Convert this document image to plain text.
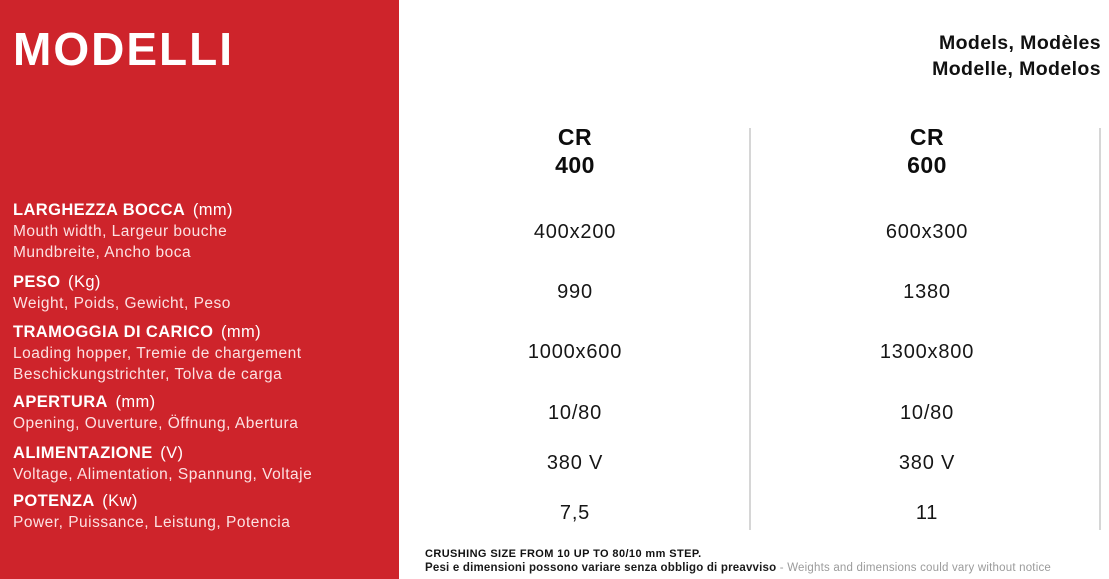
MODELLI
LARGHEZZA BOCCA (mm)
Mouth width, Largeur bouche
Mundbreite, Ancho boca
PESO (Kg)
Weight, Poids, Gewicht, Peso
TRAMOGGIA DI CARICO (mm)
Loading hopper, Tremie de chargement
Beschickungstrichter, Tolva de carga
APERTURA (mm)
Opening, Ouverture, Öffnung, Abertura
ALIMENTAZIONE (V)
Voltage, Alimentation, Spannung, Voltaje
POTENZA (Kw)
Power, Puissance, Leistung, Potencia
Models, Modèles
Modelle, Modelos
CR
400
CR
600
400x200
990
1000x600
10/80
380 V
7,5
600x300
1380
1300x800
10/80
380 V
11
CRUSHING SIZE FROM 10 UP TO 80/10 mm STEP.
Pesi e dimensioni possono variare senza obbligo di preavviso - Weights and dimensions could vary without notice
